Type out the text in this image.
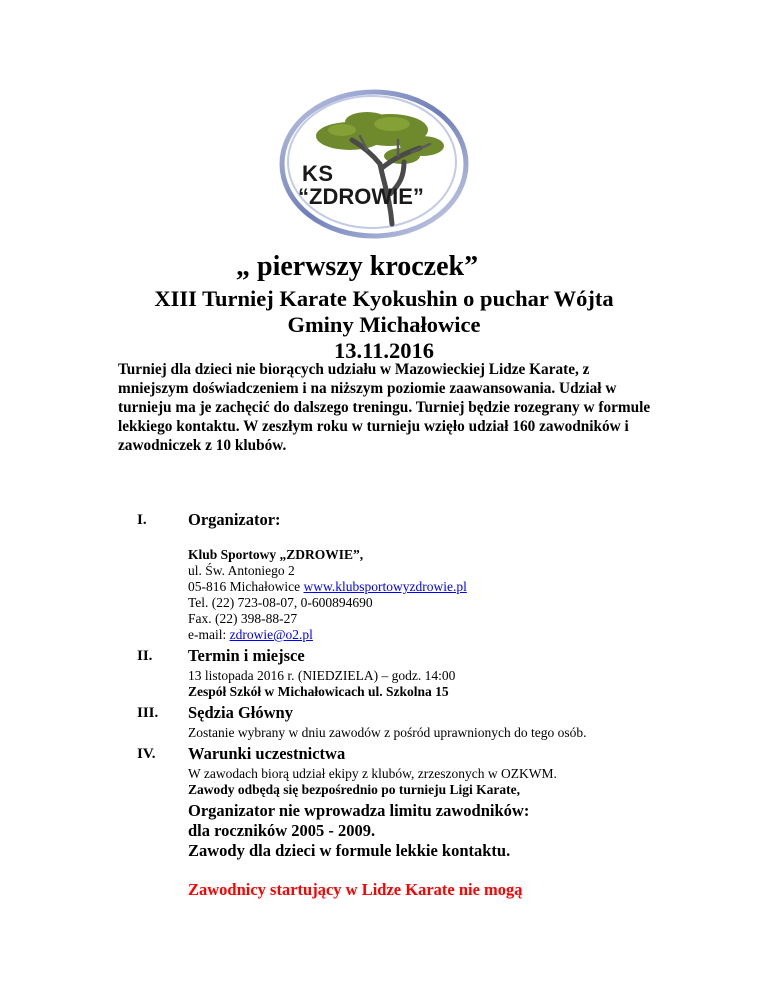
KS
“ZDROWIE”
„ pierwszy kroczek”
XIII Turniej Karate Kyokushin o puchar Wójta
Gminy Michałowice
13.11.2016

Turniej dla dzieci nie biorących udziału w Mazowieckiej Lidze Karate, z mniejszym doświadczeniem i na niższym poziomie zaawansowania. Udział w turnieju ma je zachęcić do dalszego treningu. Turniej będzie rozegrany w formule lekkiego kontaktu. W zeszłym roku w turnieju wzięło udział 160 zawodników i zawodniczek z 10 klubów.

I.	Organizator:
Klub Sportowy „ZDROWIE”,
ul. Św. Antoniego 2
05-816 Michałowice www.klubsportowyzdrowie.pl
Tel. (22) 723-08-07, 0-600894690
Fax. (22) 398-88-27
e-mail: zdrowie@o2.pl
II. Termin i miejsce
13 listopada 2016 r. (NIEDZIELA) – godz. 14:00
Zespół Szkół w Michałowicach ul. Szkolna 15
III. Sędzia Główny
Zostanie wybrany w dniu zawodów z pośród uprawnionych do tego osób.
IV. Warunki uczestnictwa
W zawodach biorą udział ekipy z klubów, zrzeszonych w OZKWM.
Zawody odbędą się bezpośrednio po turnieju Ligi Karate,
Organizator nie wprowadza limitu zawodników:
dla roczników 2005 - 2009.
Zawody dla dzieci w formule lekkie kontaktu.
Zawodnicy startujący w Lidze Karate nie mogą
